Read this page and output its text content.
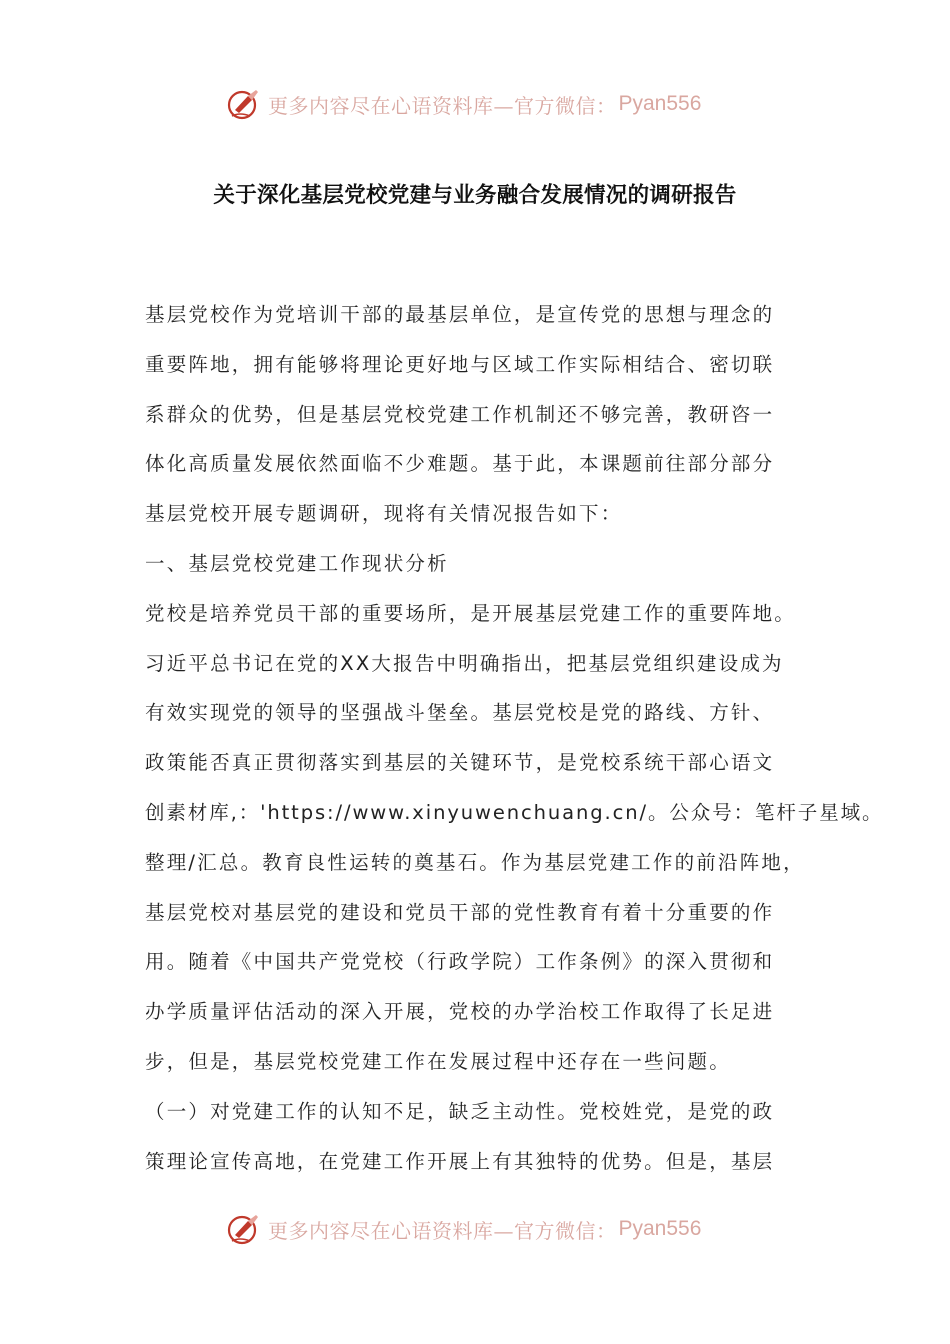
更多内容尽在心语资料库—官方微信： Pyan556
关于深化基层党校党建与业务融合发展情况的调研报告
基层党校作为党培训干部的最基层单位，是宣传党的思想与理念的
重要阵地，拥有能够将理论更好地与区域工作实际相结合、密切联
系群众的优势，但是基层党校党建工作机制还不够完善，教研咨一
体化高质量发展依然面临不少难题。基于此，本课题前往部分部分
基层党校开展专题调研，现将有关情况报告如下：
一、基层党校党建工作现状分析
党校是培养党员干部的重要场所，是开展基层党建工作的重要阵地。
习近平总书记在党的XX大报告中明确指出，把基层党组织建设成为
有效实现党的领导的坚强战斗堡垒。基层党校是党的路线、方针、
政策能否真正贯彻落实到基层的关键环节，是党校系统干部心语文
创素材库,：'https://www.xinyuwenchuang.cn/。公众号：笔杆子星域。
整理/汇总。教育良性运转的奠基石。作为基层党建工作的前沿阵地，
基层党校对基层党的建设和党员干部的党性教育有着十分重要的作
用。随着《中国共产党党校（行政学院）工作条例》的深入贯彻和
办学质量评估活动的深入开展，党校的办学治校工作取得了长足进
步，但是，基层党校党建工作在发展过程中还存在一些问题。
（一）对党建工作的认知不足，缺乏主动性。党校姓党，是党的政
策理论宣传高地，在党建工作开展上有其独特的优势。但是，基层
更多内容尽在心语资料库—官方微信： Pyan556
